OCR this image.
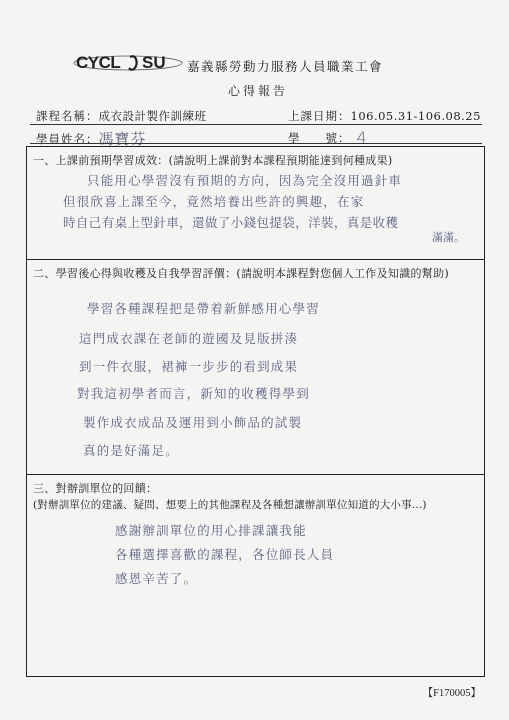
CYCL SU 嘉義縣勞動力服務人員職業工會
心得報告
課程名稱：成衣設計製作訓練班	上課日期：106.05.31-106.08.25
學員姓名：馮寶芬	學　　號： 4
一、上課前預期學習成效：(請說明上課前對本課程預期能達到何種成果)
只能用心學習沒有預期的方向，因為完全沒用過針車
但很欣喜上課至今，竟然培養出些許的興趣，在家
時自己有桌上型針車，還做了小錢包提袋，洋裝，真是收穫
滿滿。
二、學習後心得與收穫及自我學習評價：(請說明本課程對您個人工作及知識的幫助)
學習各種課程把是帶着新鮮感用心學習
這門成衣課在老師的遊國及見版拼湊
到一件衣服，裙褲一步步的看到成果
對我這初學者而言，新知的收穫得學到
製作成衣成品及運用到小飾品的試製
真的是好滿足。
三、對辦訓單位的回饋：
(對辦訓單位的建議、疑問、想要上的其他課程及各種想讓辦訓單位知道的大小事...)
感謝辦訓單位的用心排課讓我能
各種選擇喜歡的課程，各位師長人員
感恩辛苦了。
【F170005】
